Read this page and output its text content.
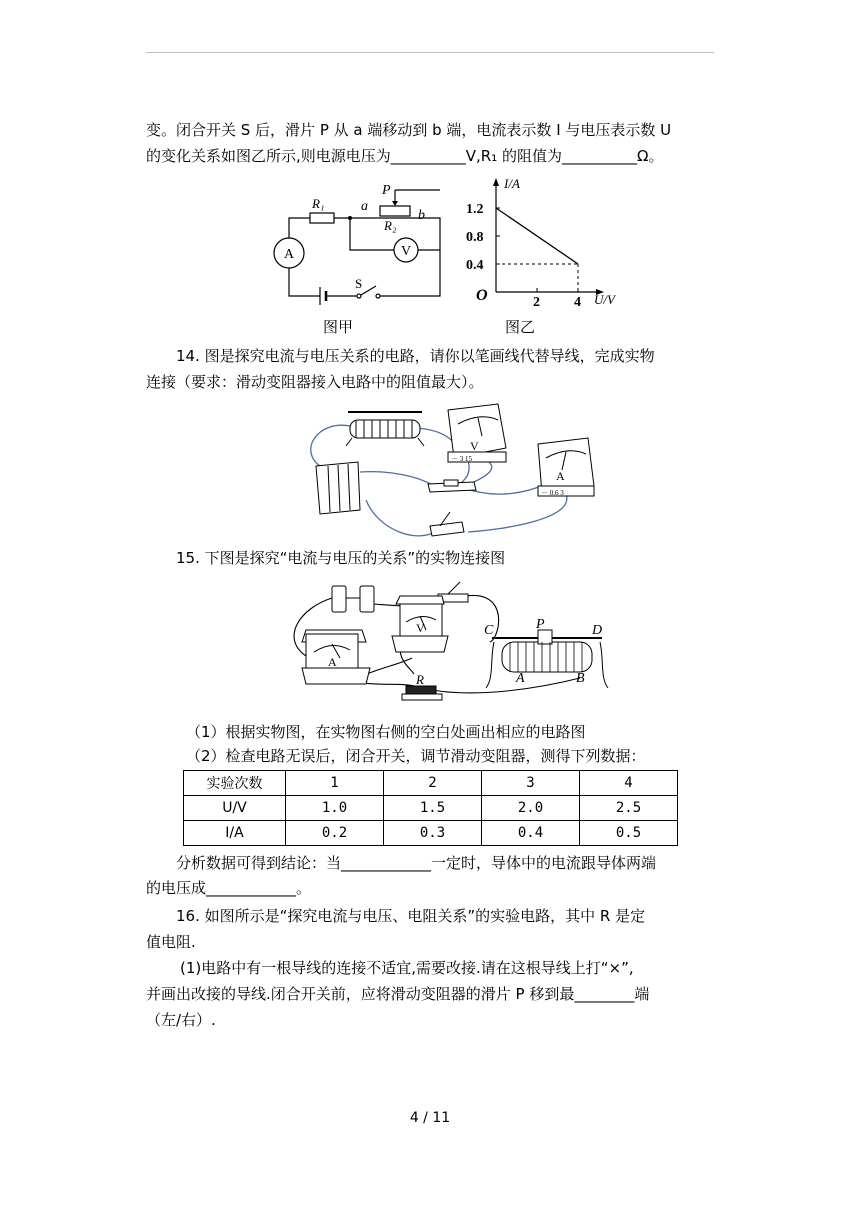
变。闭合开关 S 后，滑片 P 从 a 端移动到 b 端，电流表示数 I 与电压表示数 U
的变化关系如图乙所示,则电源电压为__________V,R₁ 的阻值为__________Ω。
A	V
R₁
R₂
P
a
b
S
图甲
1.2
0.8
0.4
2 4
I/A
U/V
O
图乙
14. 图是探究电流与电压关系的电路，请你以笔画线代替导线，完成实物
连接（要求：滑动变阻器接入电路中的阻值最大）。
V
－ 3 15
A
－ 0.6 3
15. 下图是探究“电流与电压的关系”的实物连接图
A
V
R
C	D
P
A	B
（1）根据实物图，在实物图右侧的空白处画出相应的电路图
（2）检查电路无误后，闭合开关，调节滑动变阻器，测得下列数据：
实验次数	1	2	3	4
U/V	1.0	1.5	2.0	2.5
I/A	0.2	0.3	0.4	0.5
分析数据可得到结论：当____________一定时，导体中的电流跟导体两端
的电压成____________。
16. 如图所示是“探究电流与电压、电阻关系”的实验电路，其中 R 是定
值电阻.
(1)电路中有一根导线的连接不适宜,需要改接.请在这根导线上打“×”,
并画出改接的导线.闭合开关前，应将滑动变阻器的滑片 P 移到最________端
（左/右）.
4 / 11
